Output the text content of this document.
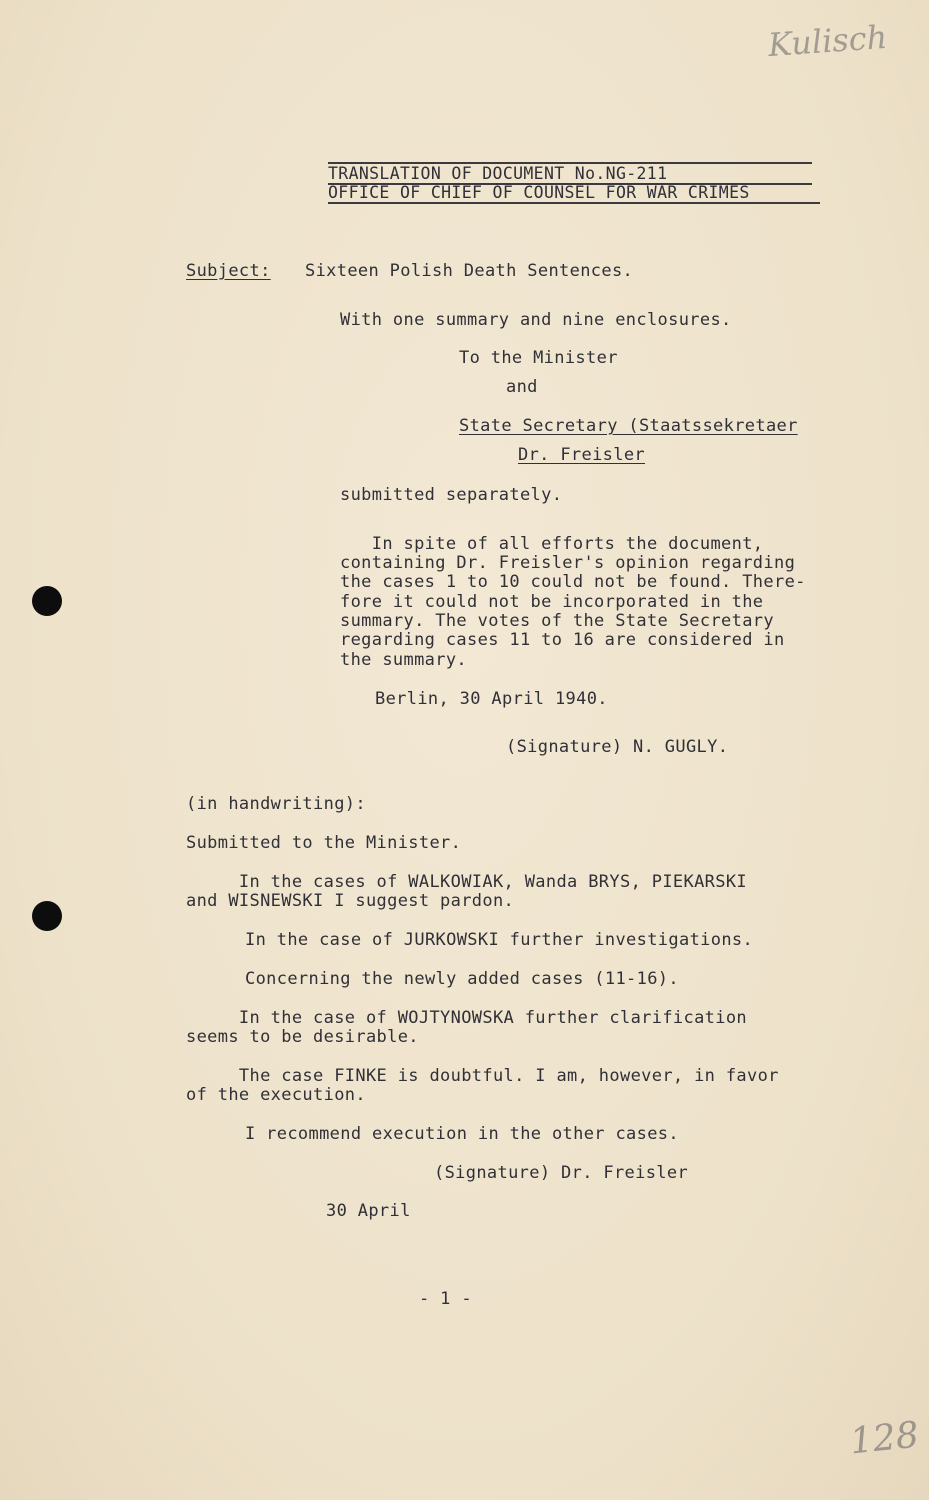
TRANSLATION OF DOCUMENT No.NG-211
OFFICE OF CHIEF OF COUNSEL FOR WAR CRIMES
Subject: Sixteen Polish Death Sentences.
With one summary and nine enclosures.
To the Minister
and
State Secretary (Staatssekretaer
Dr. Freisler
submitted separately.
In spite of all efforts the document,
containing Dr. Freisler's opinion regarding
the cases 1 to 10 could not be found. There-
fore it could not be incorporated in the
summary. The votes of the State Secretary
regarding cases 11 to 16 are considered in
the summary.
Berlin, 30 April 1940.
(Signature) N. GUGLY.
(in handwriting):
Submitted to the Minister.
In the cases of WALKOWIAK, Wanda BRYS, PIEKARSKI
and WISNEWSKI I suggest pardon.
In the case of JURKOWSKI further investigations.
Concerning the newly added cases (11-16).
In the case of WOJTYNOWSKA further clarification
seems to be desirable.
The case FINKE is doubtful. I am, however, in favor
of the execution.
I recommend execution in the other cases.
(Signature) Dr. Freisler
30 April
- 1 -
Kulisch
128
